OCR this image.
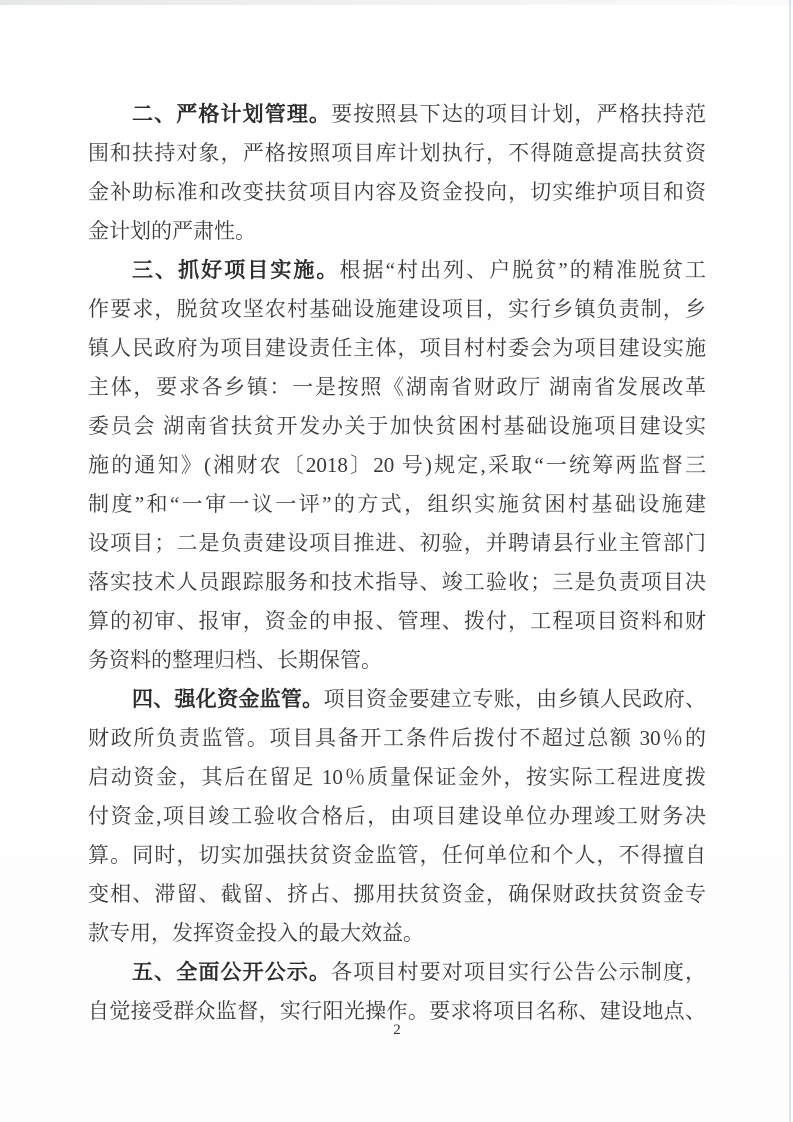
二、严格计划管理。要按照县下达的项目计划，严格扶持范
围和扶持对象，严格按照项目库计划执行，不得随意提高扶贫资
金补助标准和改变扶贫项目内容及资金投向，切实维护项目和资
金计划的严肃性。
三、抓好项目实施。根据“村出列、户脱贫”的精准脱贫工
作要求，脱贫攻坚农村基础设施建设项目，实行乡镇负责制，乡
镇人民政府为项目建设责任主体，项目村村委会为项目建设实施
主体，要求各乡镇：一是按照《湖南省财政厅 湖南省发展改革
委员会 湖南省扶贫开发办关于加快贫困村基础设施项目建设实
施的通知》(湘财农〔2018〕20 号)规定,采取“一统筹两监督三
制度”和“一审一议一评”的方式，组织实施贫困村基础设施建
设项目；二是负责建设项目推进、初验，并聘请县行业主管部门
落实技术人员跟踪服务和技术指导、竣工验收；三是负责项目决
算的初审、报审，资金的申报、管理、拨付，工程项目资料和财
务资料的整理归档、长期保管。
四、强化资金监管。项目资金要建立专账，由乡镇人民政府、
财政所负责监管。项目具备开工条件后拨付不超过总额 30％的
启动资金，其后在留足 10％质量保证金外，按实际工程进度拨
付资金,项目竣工验收合格后，由项目建设单位办理竣工财务决
算。同时，切实加强扶贫资金监管，任何单位和个人，不得擅自
变相、滞留、截留、挤占、挪用扶贫资金，确保财政扶贫资金专
款专用，发挥资金投入的最大效益。
五、全面公开公示。各项目村要对项目实行公告公示制度，
自觉接受群众监督，实行阳光操作。要求将项目名称、建设地点、
2
